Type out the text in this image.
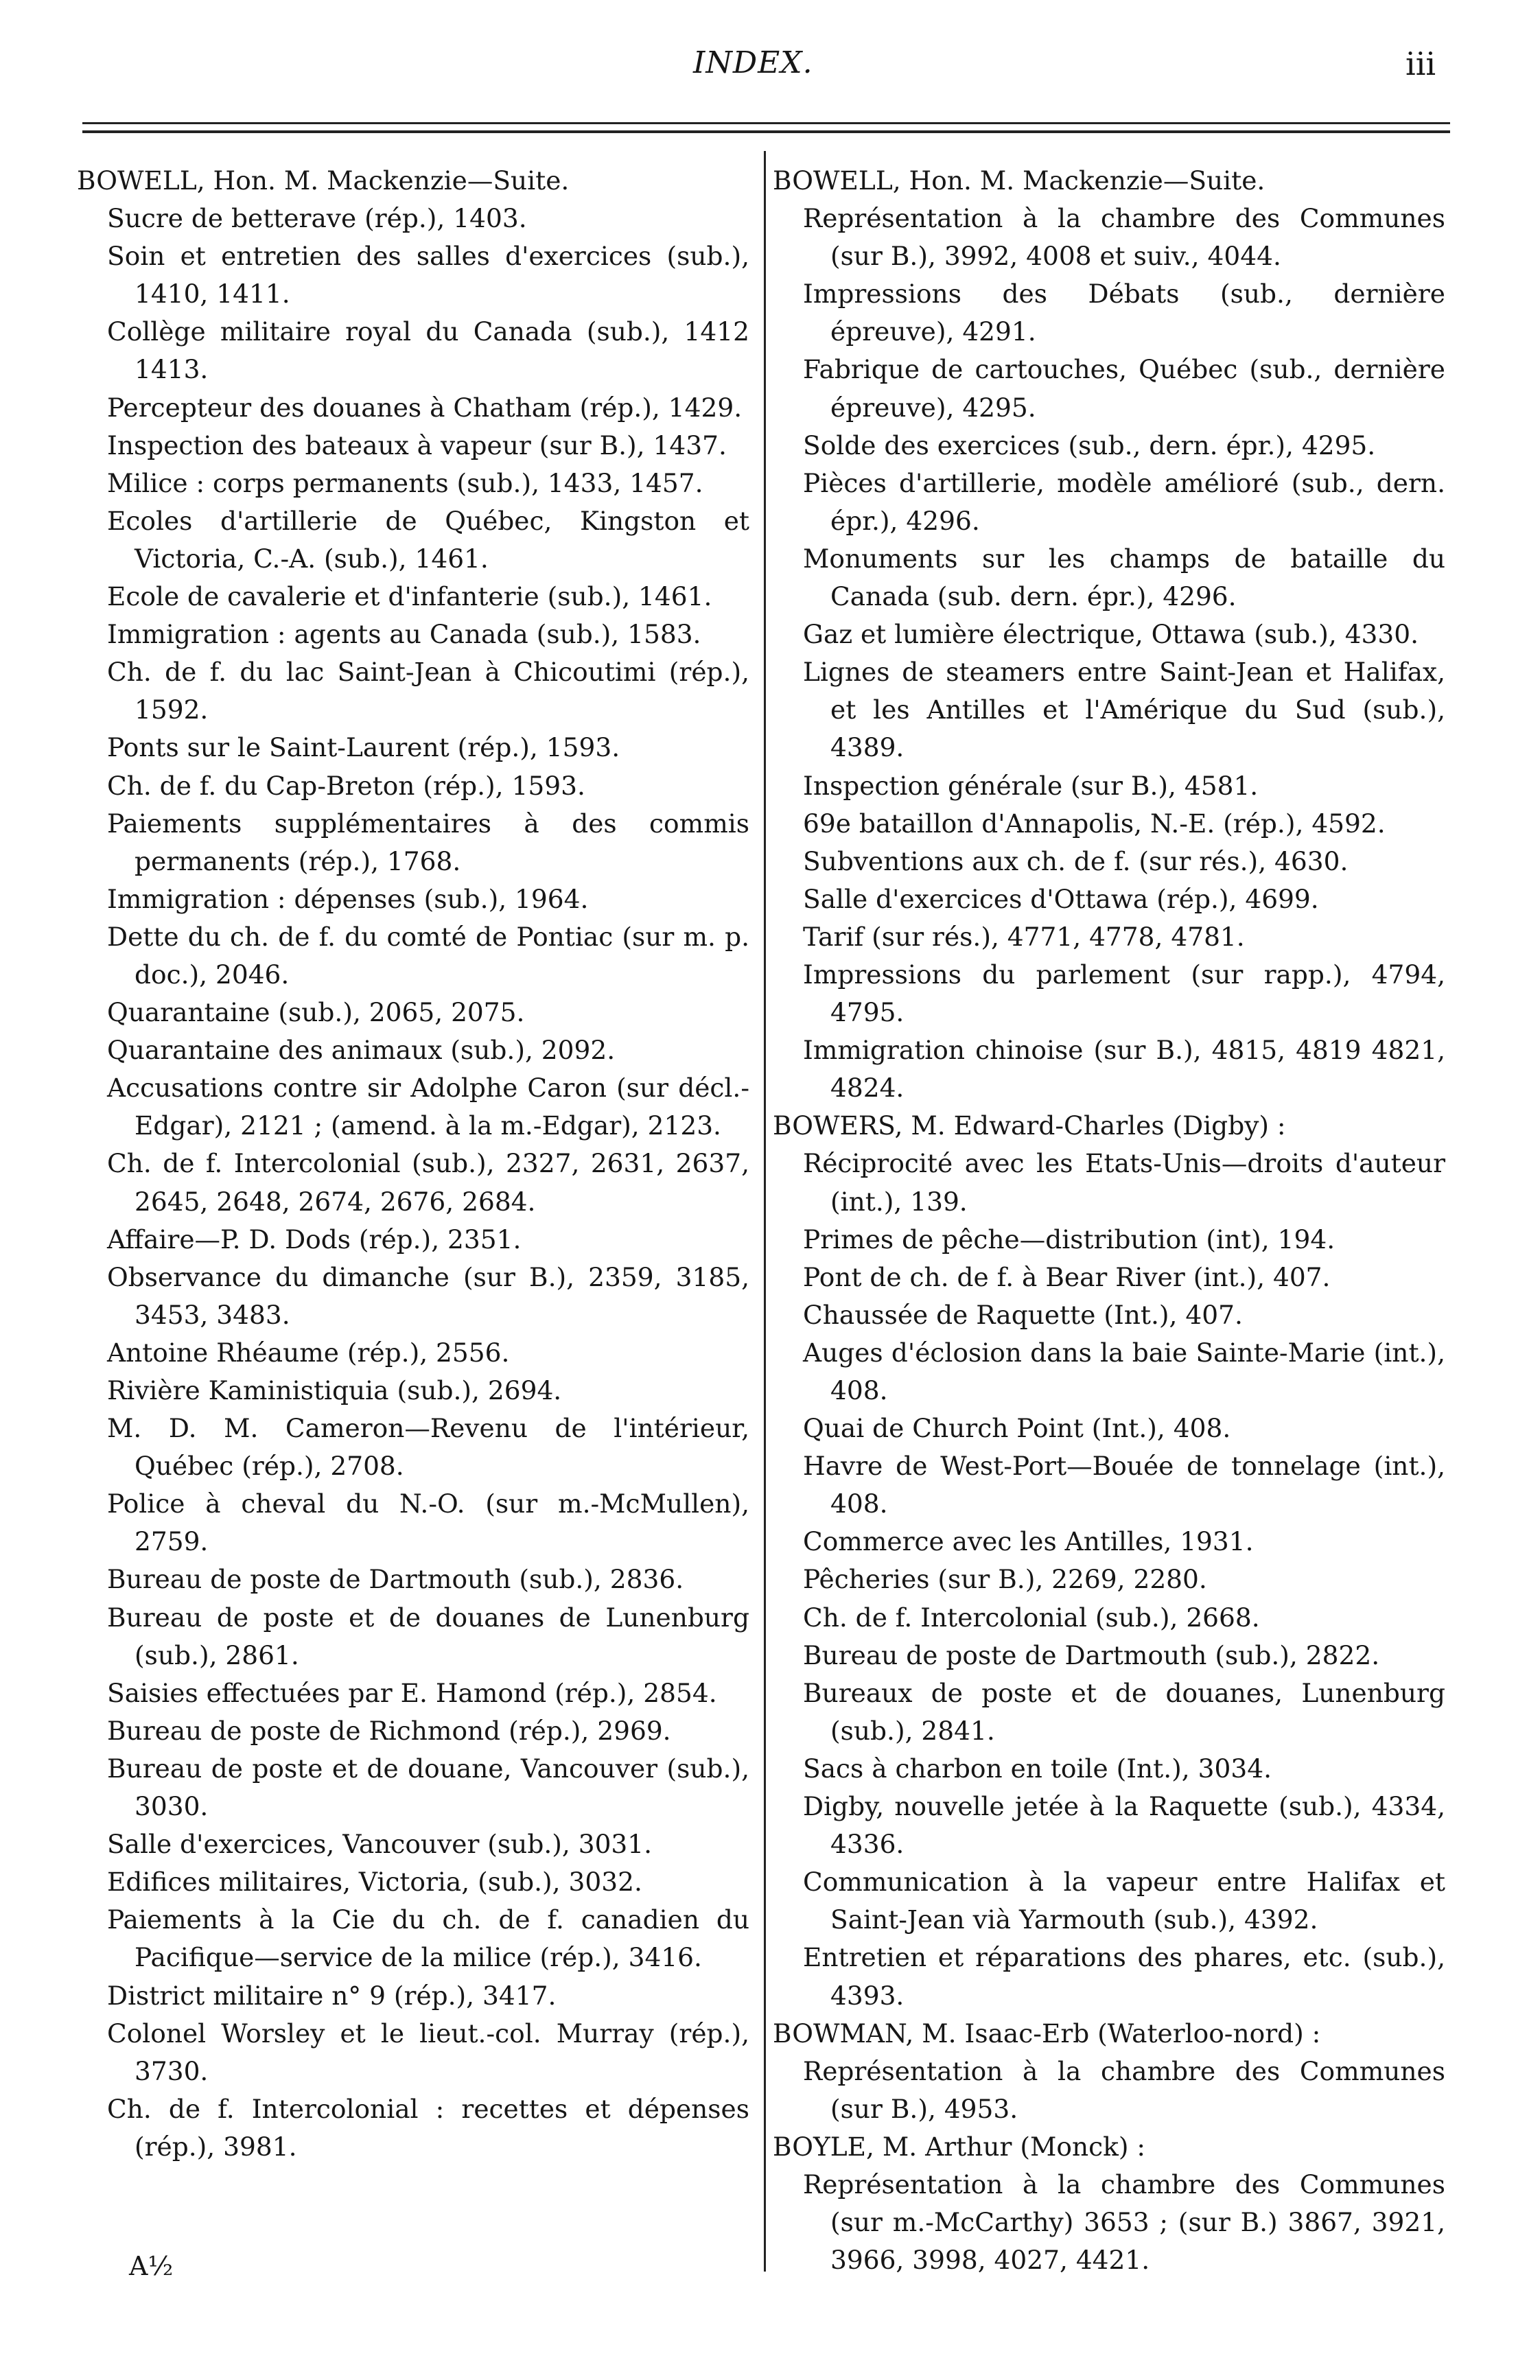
INDEX.	iii
BOWELL, Hon. M. Mackenzie—Suite.
Sucre de betterave (rép.), 1403.
Soin et entretien des salles d'exercices (sub.), 1410, 1411.
Collège militaire royal du Canada (sub.), 1412 1413.
Percepteur des douanes à Chatham (rép.), 1429.
Inspection des bateaux à vapeur (sur B.), 1437.
Milice : corps permanents (sub.), 1433, 1457.
Ecoles d'artillerie de Québec, Kingston et Victoria, C.-A. (sub.), 1461.
Ecole de cavalerie et d'infanterie (sub.), 1461.
Immigration : agents au Canada (sub.), 1583.
Ch. de f. du lac Saint-Jean à Chicoutimi (rép.), 1592.
Ponts sur le Saint-Laurent (rép.), 1593.
Ch. de f. du Cap-Breton (rép.), 1593.
Paiements supplémentaires à des commis permanents (rép.), 1768.
Immigration : dépenses (sub.), 1964.
Dette du ch. de f. du comté de Pontiac (sur m. p. doc.), 2046.
Quarantaine (sub.), 2065, 2075.
Quarantaine des animaux (sub.), 2092.
Accusations contre sir Adolphe Caron (sur décl.-Edgar), 2121 ; (amend. à la m.-Edgar), 2123.
Ch. de f. Intercolonial (sub.), 2327, 2631, 2637, 2645, 2648, 2674, 2676, 2684.
Affaire—P. D. Dods (rép.), 2351.
Observance du dimanche (sur B.), 2359, 3185, 3453, 3483.
Antoine Rhéaume (rép.), 2556.
Rivière Kaministiquia (sub.), 2694.
M. D. M. Cameron—Revenu de l'intérieur, Québec (rép.), 2708.
Police à cheval du N.-O. (sur m.-McMullen), 2759.
Bureau de poste de Dartmouth (sub.), 2836.
Bureau de poste et de douanes de Lunenburg (sub.), 2861.
Saisies effectuées par E. Hamond (rép.), 2854.
Bureau de poste de Richmond (rép.), 2969.
Bureau de poste et de douane, Vancouver (sub.), 3030.
Salle d'exercices, Vancouver (sub.), 3031.
Edifices militaires, Victoria, (sub.), 3032.
Paiements à la Cie du ch. de f. canadien du Pacifique—service de la milice (rép.), 3416.
District militaire n° 9 (rép.), 3417.
Colonel Worsley et le lieut.-col. Murray (rép.), 3730.
Ch. de f. Intercolonial : recettes et dépenses (rép.), 3981.
BOWELL, Hon. M. Mackenzie—Suite.
Représentation à la chambre des Communes (sur B.), 3992, 4008 et suiv., 4044.
Impressions des Débats (sub., dernière épreuve), 4291.
Fabrique de cartouches, Québec (sub., dernière épreuve), 4295.
Solde des exercices (sub., dern. épr.), 4295.
Pièces d'artillerie, modèle amélioré (sub., dern. épr.), 4296.
Monuments sur les champs de bataille du Canada (sub. dern. épr.), 4296.
Gaz et lumière électrique, Ottawa (sub.), 4330.
Lignes de steamers entre Saint-Jean et Halifax, et les Antilles et l'Amérique du Sud (sub.), 4389.
Inspection générale (sur B.), 4581.
69e bataillon d'Annapolis, N.-E. (rép.), 4592.
Subventions aux ch. de f. (sur rés.), 4630.
Salle d'exercices d'Ottawa (rép.), 4699.
Tarif (sur rés.), 4771, 4778, 4781.
Impressions du parlement (sur rapp.), 4794, 4795.
Immigration chinoise (sur B.), 4815, 4819 4821, 4824.
BOWERS, M. Edward-Charles (Digby) :
Réciprocité avec les Etats-Unis—droits d'auteur (int.), 139.
Primes de pêche—distribution (int), 194.
Pont de ch. de f. à Bear River (int.), 407.
Chaussée de Raquette (Int.), 407.
Auges d'éclosion dans la baie Sainte-Marie (int.), 408.
Quai de Church Point (Int.), 408.
Havre de West-Port—Bouée de tonnelage (int.), 408.
Commerce avec les Antilles, 1931.
Pêcheries (sur B.), 2269, 2280.
Ch. de f. Intercolonial (sub.), 2668.
Bureau de poste de Dartmouth (sub.), 2822.
Bureaux de poste et de douanes, Lunenburg (sub.), 2841.
Sacs à charbon en toile (Int.), 3034.
Digby, nouvelle jetée à la Raquette (sub.), 4334, 4336.
Communication à la vapeur entre Halifax et Saint-Jean vià Yarmouth (sub.), 4392.
Entretien et réparations des phares, etc. (sub.), 4393.
BOWMAN, M. Isaac-Erb (Waterloo-nord) :
Représentation à la chambre des Communes (sur B.), 4953.
BOYLE, M. Arthur (Monck) :
Représentation à la chambre des Communes (sur m.-McCarthy) 3653 ; (sur B.) 3867, 3921, 3966, 3998, 4027, 4421.
A½
